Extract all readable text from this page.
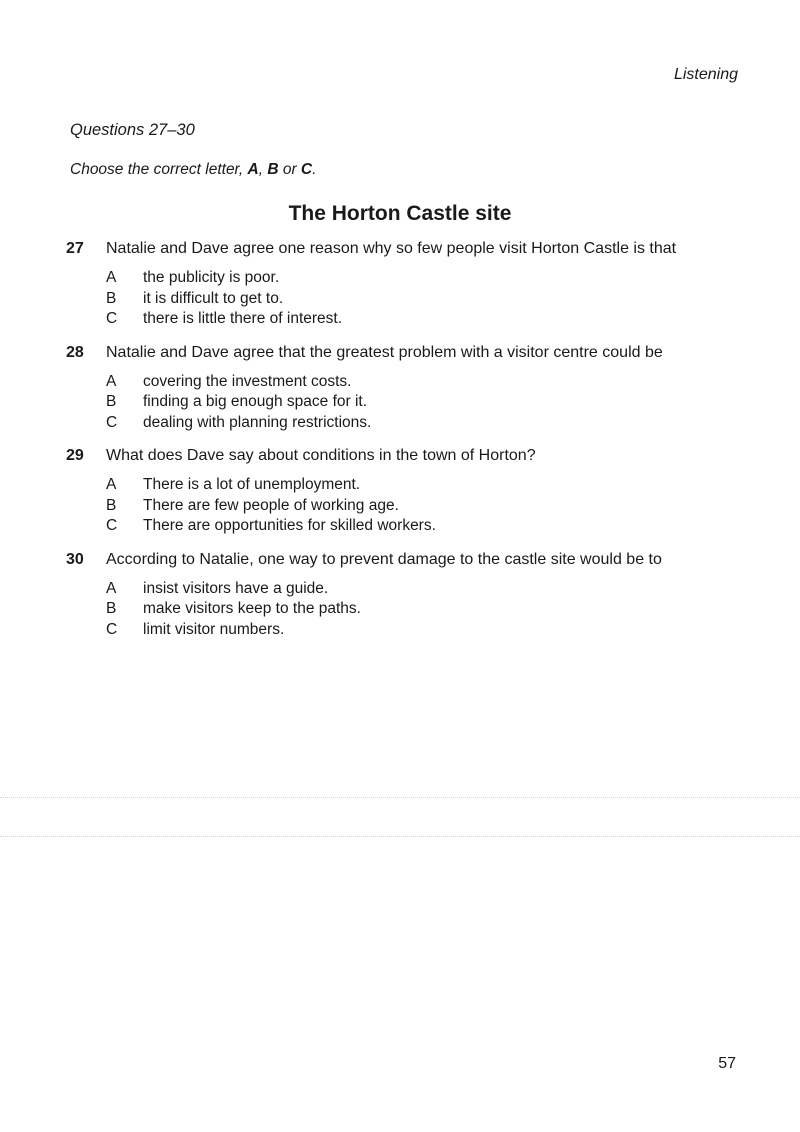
Listening
Questions 27–30
Choose the correct letter, A, B or C.
The Horton Castle site
27	Natalie and Dave agree one reason why so few people visit Horton Castle is that
A	the publicity is poor.
B	it is difficult to get to.
C	there is little there of interest.
28	Natalie and Dave agree that the greatest problem with a visitor centre could be
A	covering the investment costs.
B	finding a big enough space for it.
C	dealing with planning restrictions.
29	What does Dave say about conditions in the town of Horton?
A	There is a lot of unemployment.
B	There are few people of working age.
C	There are opportunities for skilled workers.
30	According to Natalie, one way to prevent damage to the castle site would be to
A	insist visitors have a guide.
B	make visitors keep to the paths.
C	limit visitor numbers.
57
